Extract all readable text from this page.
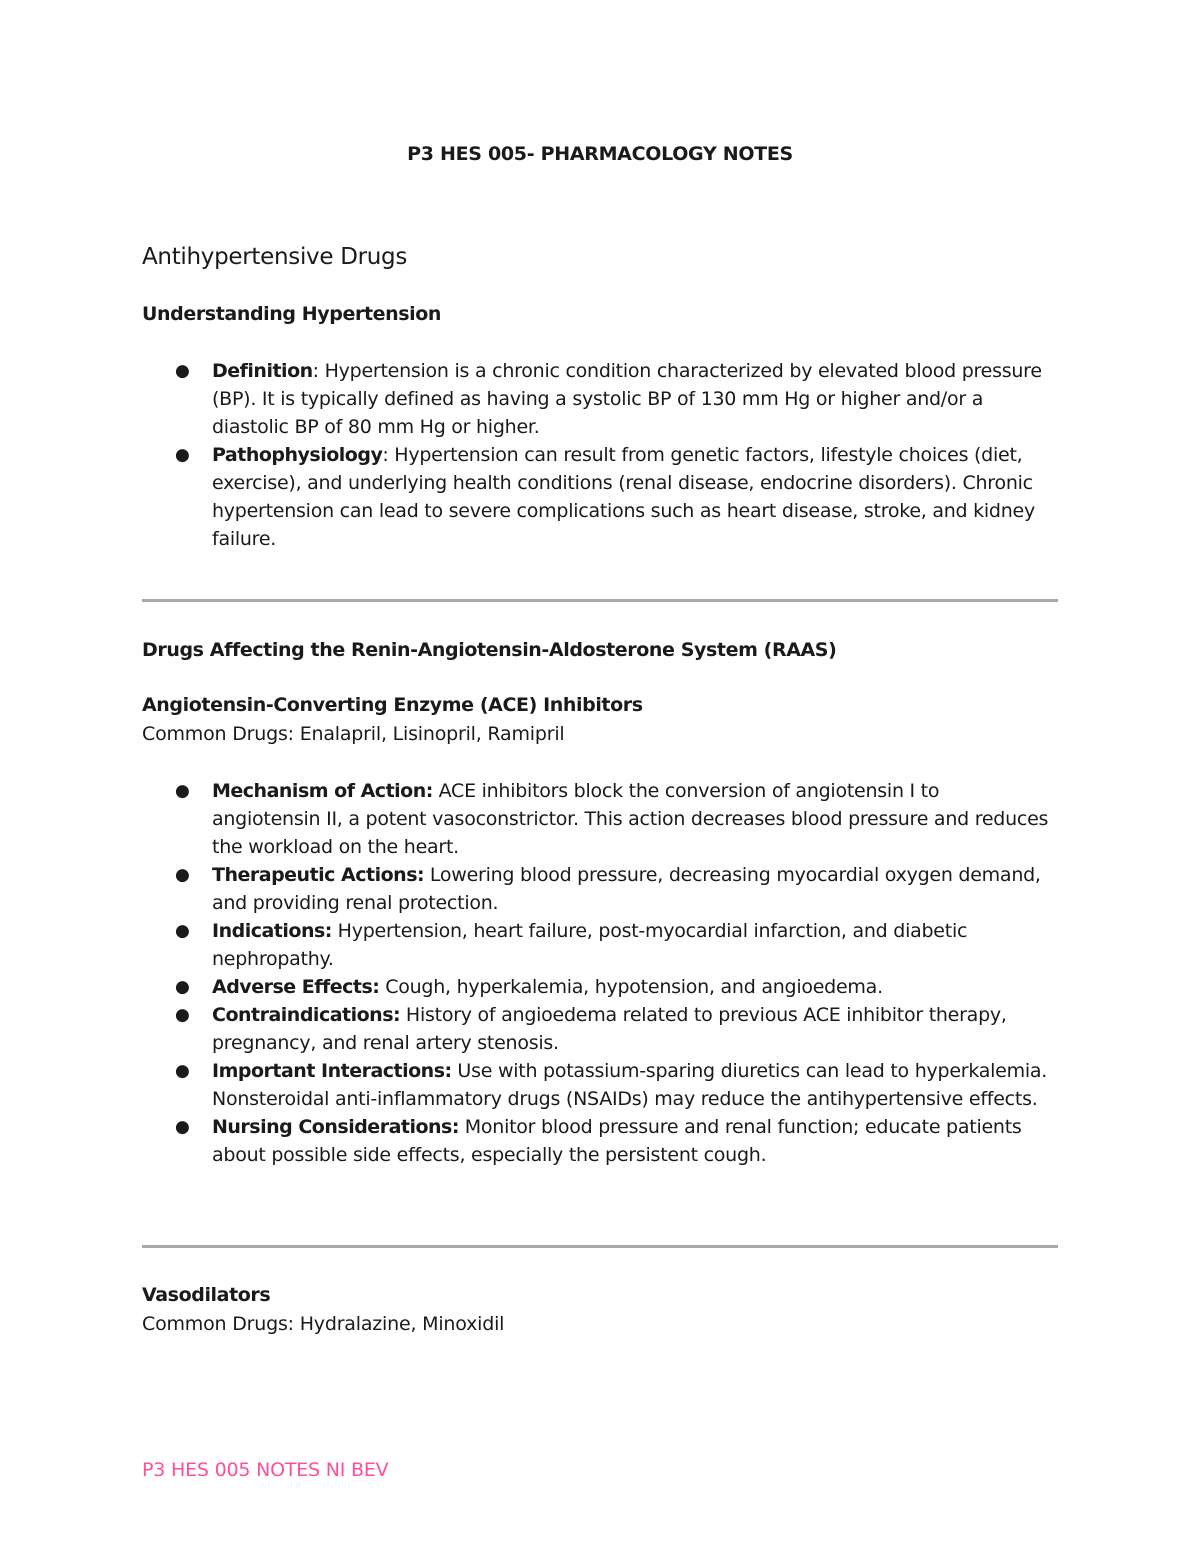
P3 HES 005- PHARMACOLOGY NOTES
Antihypertensive Drugs
Understanding Hypertension
● Definition: Hypertension is a chronic condition characterized by elevated blood pressure (BP). It is typically defined as having a systolic BP of 130 mm Hg or higher and/or a diastolic BP of 80 mm Hg or higher.
● Pathophysiology: Hypertension can result from genetic factors, lifestyle choices (diet, exercise), and underlying health conditions (renal disease, endocrine disorders). Chronic hypertension can lead to severe complications such as heart disease, stroke, and kidney failure.
Drugs Affecting the Renin-Angiotensin-Aldosterone System (RAAS)
Angiotensin-Converting Enzyme (ACE) Inhibitors
Common Drugs: Enalapril, Lisinopril, Ramipril
● Mechanism of Action: ACE inhibitors block the conversion of angiotensin I to angiotensin II, a potent vasoconstrictor. This action decreases blood pressure and reduces the workload on the heart.
● Therapeutic Actions: Lowering blood pressure, decreasing myocardial oxygen demand, and providing renal protection.
● Indications: Hypertension, heart failure, post-myocardial infarction, and diabetic nephropathy.
● Adverse Effects: Cough, hyperkalemia, hypotension, and angioedema.
● Contraindications: History of angioedema related to previous ACE inhibitor therapy, pregnancy, and renal artery stenosis.
● Important Interactions: Use with potassium-sparing diuretics can lead to hyperkalemia. Nonsteroidal anti-inflammatory drugs (NSAIDs) may reduce the antihypertensive effects.
● Nursing Considerations: Monitor blood pressure and renal function; educate patients about possible side effects, especially the persistent cough.
Vasodilators
Common Drugs: Hydralazine, Minoxidil
P3 HES 005 NOTES NI BEV
